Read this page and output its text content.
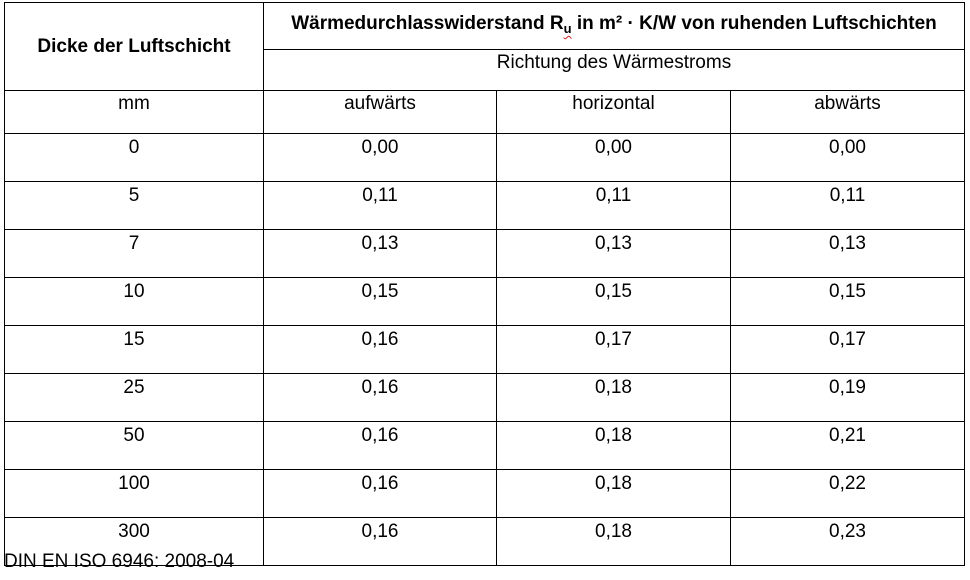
Dicke der Luftschicht	Wärmedurchlasswiderstand $R_u$ in m² · K/W von ruhenden Luftschichten		
	Richtung des Wärmestroms		
mm	aufwärts	horizontal	abwärts
0	0,00	0,00	0,00
5	0,11	0,11	0,11
7	0,13	0,13	0,13
10	0,15	0,15	0,15
15	0,16	0,17	0,17
25	0,16	0,18	0,19
50	0,16	0,18	0,21
100	0,16	0,18	0,22
300	0,16	0,18	0,23
DIN EN ISO 6946: 2008-04
